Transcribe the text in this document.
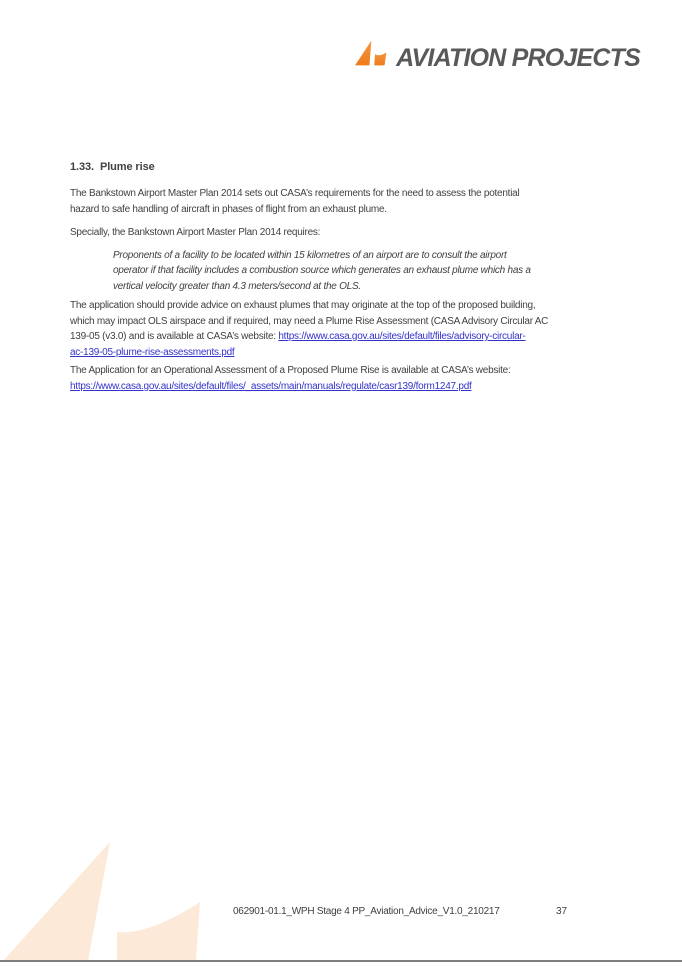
AVIATION PROJECTS
1.33. Plume rise

The Bankstown Airport Master Plan 2014 sets out CASA’s requirements for the need to assess the potential
hazard to safe handling of aircraft in phases of flight from an exhaust plume.

Specially, the Bankstown Airport Master Plan 2014 requires:

Proponents of a facility to be located within 15 kilometres of an airport are to consult the airport
operator if that facility includes a combustion source which generates an exhaust plume which has a
vertical velocity greater than 4.3 meters/second at the OLS.

The application should provide advice on exhaust plumes that may originate at the top of the proposed building,
which may impact OLS airspace and if required, may need a Plume Rise Assessment (CASA Advisory Circular AC
139-05 (v3.0) and is available at CASA’s website: https://www.casa.gov.au/sites/default/files/advisory-circular-
ac-139-05-plume-rise-assessments.pdf

The Application for an Operational Assessment of a Proposed Plume Rise is available at CASA’s website:
https://www.casa.gov.au/sites/default/files/_assets/main/manuals/regulate/casr139/form1247.pdf

062901-01.1_WPH Stage 4 PP_Aviation_Advice_V1.0_210217	37
